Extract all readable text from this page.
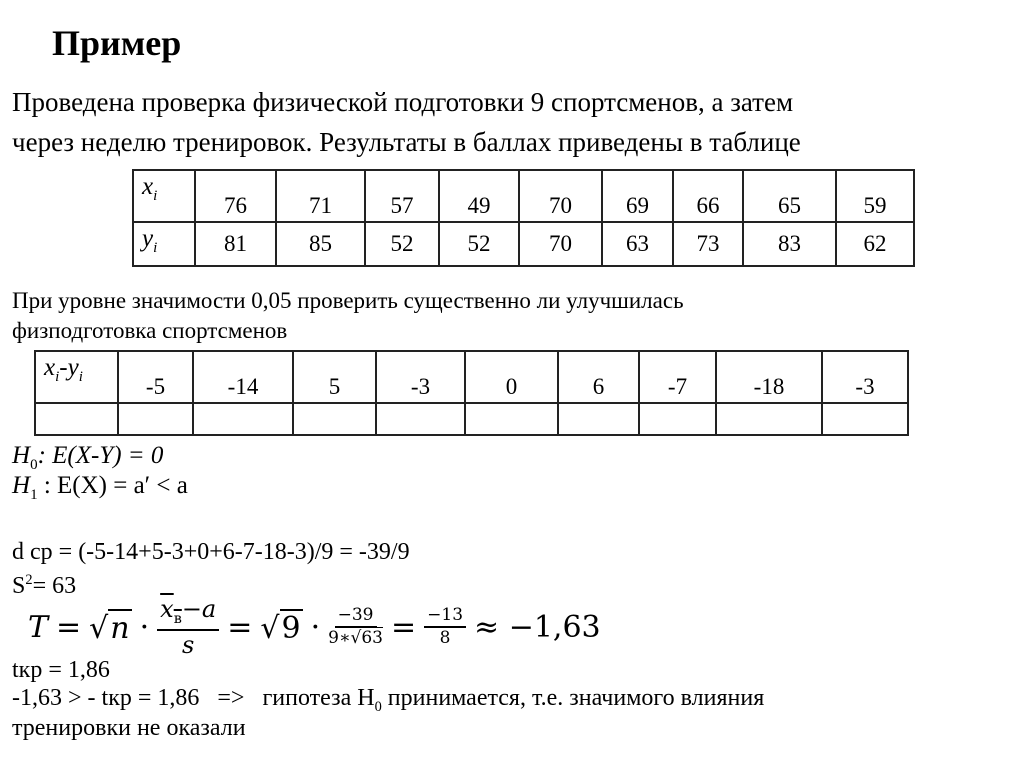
Пример
Проведена проверка физической подготовки 9 спортсменов, а затем
через неделю тренировок. Результаты в баллах приведены в таблице
$x_i$	76	71	57	49	70	69	66	65	59
$y_i$	81	85	52	52	70	63	73	83	62
При уровне значимости 0,05 проверить существенно ли улучшилась
физподготовка спортсменов
$x_i-y_i$	-5	-14	5	-3	0	6	-7	-18	-3

$H_0$: E(X-Y) = 0
$H_1$ : E(X) = a′ < a
d ср = (-5-14+5-3+0+6-7-18-3)/9 = -39/9
$S^2= 63$
T = √ $n \cdot \frac{x_в-a}{s}$ = √ $9 \cdot \frac{-39}{9∗√63} = \frac{-13}{8} \approx -1,63$
tкр = 1,86
-1,63 > - tкр = 1,86   =>   гипотеза $H_0$ принимается, т.е. значимого влияния
тренировки не оказали
